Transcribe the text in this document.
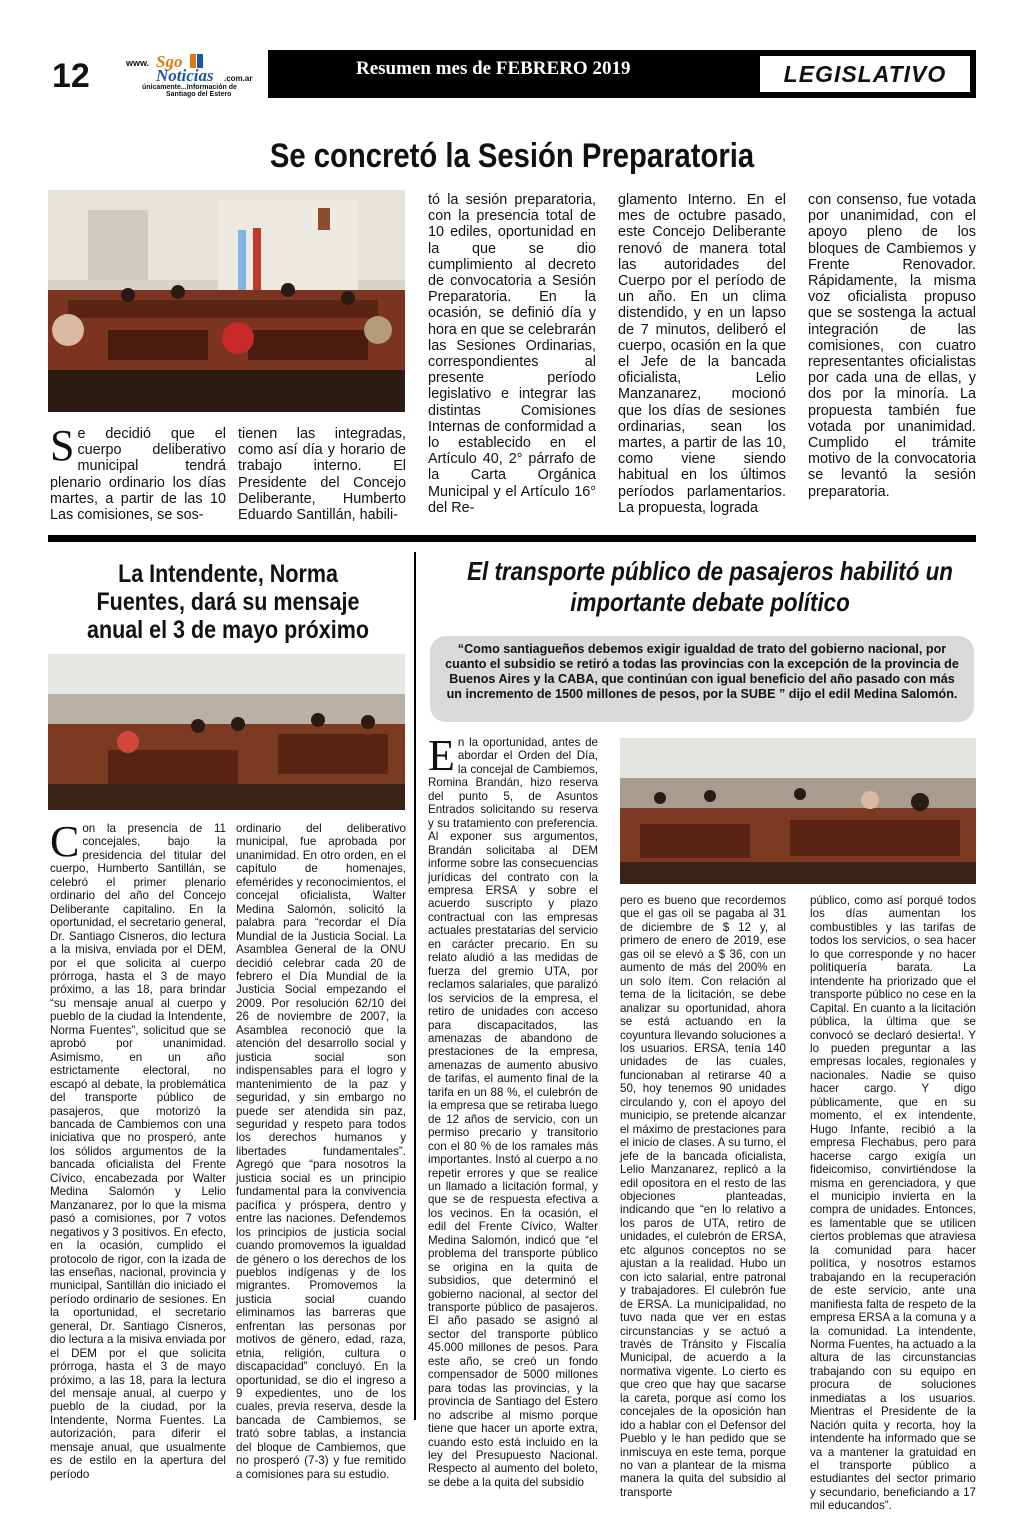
12	www. Sgo
Noticias .com.ar
únicamente...Información de
Santiago del Estero
Resumen mes de FEBRERO 2019	LEGISLATIVO
Se concretó la Sesión Preparatoria
S e decidió que el cuerpo deliberativo municipal tendrá plenario ordinario los días martes, a partir de las 10 Las comisiones, se sos-

tienen las integradas, como así día y horario de trabajo interno. El Presidente del Concejo Deliberante, Humberto Eduardo Santillán, habili-

tó la sesión preparatoria, con la presencia total de 10 ediles, oportunidad en la que se dio cumplimiento al decreto de convocatoria a Sesión Preparatoria. En la ocasión, se definió día y hora en que se celebrarán las Sesiones Ordinarias, correspondientes al presente período legislativo e integrar las distintas Comisiones Internas de conformidad a lo establecido en el Artículo 40, 2° párrafo de la Carta Orgánica Municipal y el Artículo 16° del Re-

glamento Interno. En el mes de octubre pasado, este Concejo Deliberante renovó de manera total las autoridades del Cuerpo por el período de un año. En un clima distendido, y en un lapso de 7 minutos, deliberó el cuerpo, ocasión en la que el Jefe de la bancada oficialista, Lelio Manzanarez, mocionó que los días de sesiones ordinarias, sean los martes, a partir de las 10, como viene siendo habitual en los últimos períodos parlamentarios. La propuesta, lograda

con consenso, fue votada por unanimidad, con el apoyo pleno de los bloques de Cambiemos y Frente Renovador. Rápidamente, la misma voz oficialista propuso que se sostenga la actual integración de las comisiones, con cuatro representantes oficialistas por cada una de ellas, y dos por la minoría. La propuesta también fue votada por unanimidad. Cumplido el trámite motivo de la convocatoria se levantó la sesión preparatoria.

La Intendente, Norma Fuentes, dará su mensaje anual el 3 de mayo próximo
C on la presencia de 11 concejales, bajo la presidencia del titular del cuerpo, Humberto Santillán, se celebró el primer plenario ordinario del año del Concejo Deliberante capitalino. En la oportunidad, el secretario general, Dr. Santiago Cisneros, dio lectura a la misiva, enviada por el DEM, por el que solicita al cuerpo prórroga, hasta el 3 de mayo próximo, a las 18, para brindar “su mensaje anual al cuerpo y pueblo de la ciudad la Intendente, Norma Fuentes”, solicitud que se aprobó por unanimidad. Asimismo, en un año estrictamente electoral, no escapó al debate, la problemática del transporte público de pasajeros, que motorizó la bancada de Cambiemos con una iniciativa que no prosperó, ante los sólidos argumentos de la bancada oficialista del Frente Cívico, encabezada por Walter Medina Salomón y Lelio Manzanarez, por lo que la misma pasó a comisiones, por 7 votos negativos y 3 positivos. En efecto, en la ocasión, cumplido el protocolo de rigor, con la izada de las enseñas, nacional, provincia y municipal, Santillán dio iniciado el período ordinario de sesiones. En la oportunidad, el secretario general, Dr. Santiago Cisneros, dio lectura a la misiva enviada por el DEM por el que solicita prórroga, hasta el 3 de mayo próximo, a las 18, para la lectura del mensaje anual, al cuerpo y pueblo de la ciudad, por la Intendente, Norma Fuentes. La autorización, para diferir el mensaje anual, que usualmente es de estilo en la apertura del período

ordinario del deliberativo municipal, fue aprobada por unanimidad. En otro orden, en el capítulo de homenajes, efemérides y reconocimientos, el concejal oficialista, Walter Medina Salomón, solicitó la palabra para “recordar el Día Mundial de la Justicia Social. La Asamblea General de la ONU decidió celebrar cada 20 de febrero el Día Mundial de la Justicia Social empezando el 2009. Por resolución 62/10 del 26 de noviembre de 2007, la Asamblea reconoció que la atención del desarrollo social y justicia social son indispensables para el logro y mantenimiento de la paz y seguridad, y sin embargo no puede ser atendida sin paz, seguridad y respeto para todos los derechos humanos y libertades fundamentales”. Agregó que “para nosotros la justicia social es un principio fundamental para la convivencia pacífica y próspera, dentro y entre las naciones. Defendemos los principios de justicia social cuando promovemos la igualdad de género o los derechos de los pueblos indígenas y de los migrantes. Promovemos la justicia social cuando eliminamos las barreras que enfrentan las personas por motivos de género, edad, raza, etnia, religión, cultura o discapacidad” concluyó. En la oportunidad, se dio el ingreso a 9 expedientes, uno de los cuales, previa reserva, desde la bancada de Cambiemos, se trató sobre tablas, a instancia del bloque de Cambiemos, que no prosperó (7-3) y fue remitido a comisiones para su estudio.

El transporte público de pasajeros habilitó un importante debate político

“Como santiagueños debemos exigir igualdad de trato del gobierno nacional, por cuanto el subsidio se retiró a todas las provincias con la excepción de la provincia de Buenos Aires y la CABA, que continúan con igual beneficio del año pasado con más un incremento de 1500 millones de pesos, por la SUBE ” dijo el edil Medina Salomón.

E n la oportunidad, antes de abordar el Orden del Día, la concejal de Cambiemos, Romina Brandán, hizo reserva del punto 5, de Asuntos Entrados solicitando su reserva y su tratamiento con preferencia. Al exponer sus argumentos, Brandán solicitaba al DEM informe sobre las consecuencias jurídicas del contrato con la empresa ERSA y sobre el acuerdo suscripto y plazo contractual con las empresas actuales prestatarias del servicio en carácter precario. En su relato aludió a las medidas de fuerza del gremio UTA, por reclamos salariales, que paralizó los servicios de la empresa, el retiro de unidades con acceso para discapacitados, las amenazas de abandono de prestaciones de la empresa, amenazas de aumento abusivo de tarifas, el aumento final de la tarifa en un 88 %, el culebrón de la empresa que se retiraba luego de 12 años de servicio, con un permiso precario y transitorio con el 80 % de los ramales más importantes. Instó al cuerpo a no repetir errores y que se realice un llamado a licitación formal, y que se de respuesta efectiva a los vecinos. En la ocasión, el edil del Frente Cívico, Walter Medina Salomón, indicó que “el problema del transporte público se origina en la quita de subsidios, que determinó el gobierno nacional, al sector del transporte público de pasajeros. El año pasado se asignó al sector del transporte público 45.000 millones de pesos. Para este año, se creó un fondo compensador de 5000 millones para todas las provincias, y la provincia de Santiago del Estero no adscribe al mismo porque tiene que hacer un aporte extra, cuando esto está incluido en la ley del Presupuesto Nacional. Respecto al aumento del boleto, se debe a la quita del subsidio

pero es bueno que recordemos que el gas oil se pagaba al 31 de diciembre de $ 12 y, al primero de enero de 2019, ese gas oil se elevó a $ 36, con un aumento de más del 200% en un solo ítem. Con relación al tema de la licitación, se debe analizar su oportunidad, ahora se está actuando en la coyuntura llevando soluciones a los usuarios. ERSA, tenía 140 unidades de las cuales, funcionaban al retirarse 40 a 50, hoy tenemos 90 unidades circulando y, con el apoyo del municipio, se pretende alcanzar el máximo de prestaciones para el inicio de clases. A su turno, el jefe de la bancada oficialista, Lelio Manzanarez, replicó a la edil opositora en el resto de las objeciones planteadas, indicando que “en lo relativo a los paros de UTA, retiro de unidades, el culebrón de ERSA, etc algunos conceptos no se ajustan a la realidad. Hubo un con icto salarial, entre patronal y trabajadores. El culebrón fue de ERSA. La municipalidad, no tuvo nada que ver en estas circunstancias y se actuó a través de Tránsito y Fiscalía Municipal, de acuerdo a la normativa vigente. Lo cierto es que creo que hay que sacarse la careta, porque así como los concejales de la oposición han ido a hablar con el Defensor del Pueblo y le han pedido que se inmiscuya en este tema, porque no van a plantear de la misma manera la quita del subsidio al transporte

público, como así porqué todos los días aumentan los combustibles y las tarifas de todos los servicios, o sea hacer lo que corresponde y no hacer politiquería barata. La intendente ha priorizado que el transporte público no cese en la Capital. En cuanto a la licitación pública, la última que se convocó se declaró desierta!. Y lo pueden preguntar a las empresas locales, regionales y nacionales. Nadie se quiso hacer cargo. Y digo públicamente, que en su momento, el ex intendente, Hugo Infante, recibió a la empresa Flechabus, pero para hacerse cargo exigía un fideicomiso, convirtiéndose la misma en gerenciadora, y que el municipio invierta en la compra de unidades. Entonces, es lamentable que se utilicen ciertos problemas que atraviesa la comunidad para hacer política, y nosotros estamos trabajando en la recuperación de este servicio, ante una manifiesta falta de respeto de la empresa ERSA a la comuna y a la comunidad. La intendente, Norma Fuentes, ha actuado a la altura de las circunstancias trabajando con su equipo en procura de soluciones inmediatas a los usuarios. Mientras el Presidente de la Nación quita y recorta, hoy la intendente ha informado que se va a mantener la gratuidad en el transporte público a estudiantes del sector primario y secundario, beneficiando a 17 mil educandos”.
